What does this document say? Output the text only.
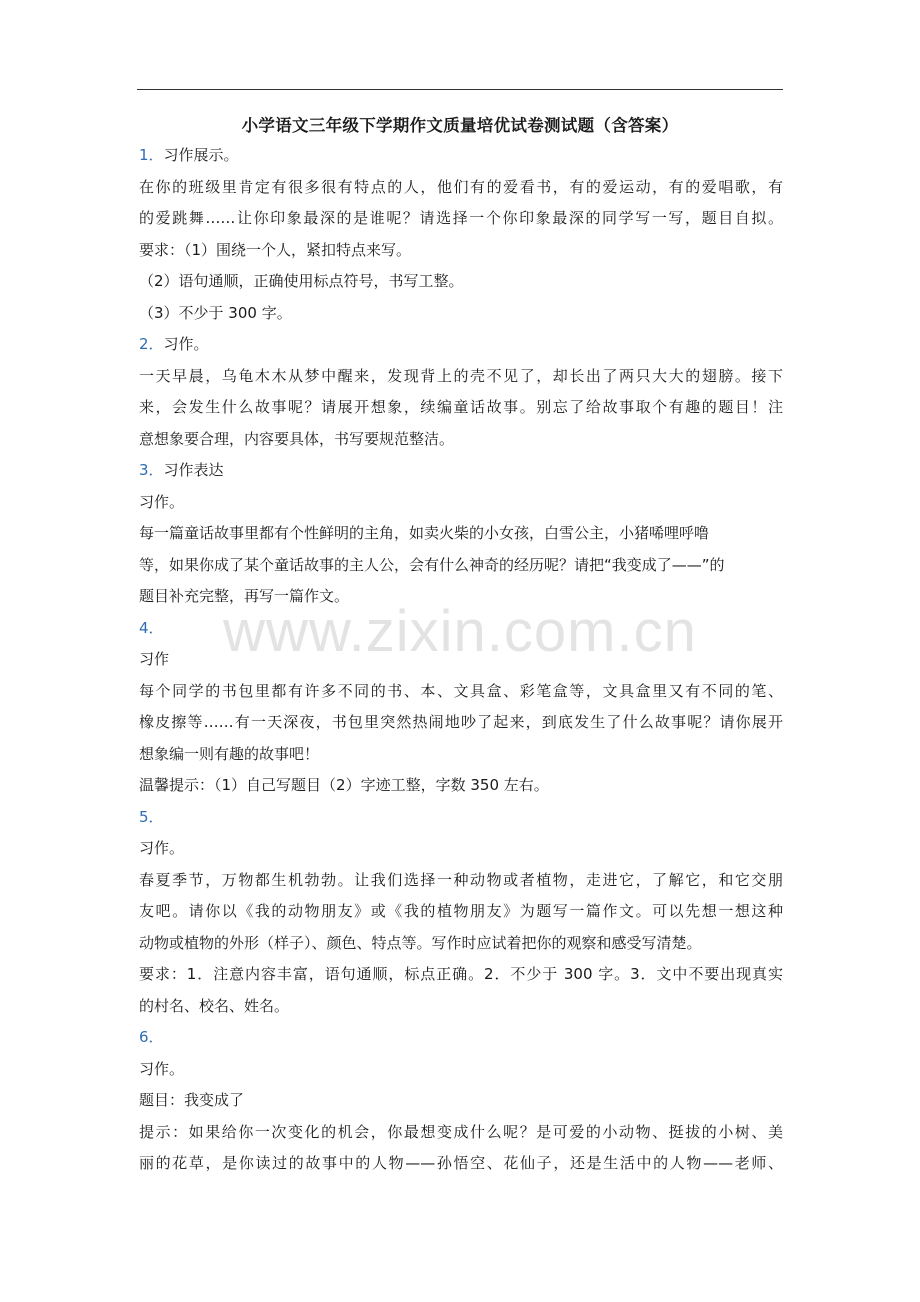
小学语文三年级下学期作文质量培优试卷测试题（含答案）
www.zixin.com.cn
1．习作展示。
在你的班级里肯定有很多很有特点的人，他们有的爱看书，有的爱运动，有的爱唱歌，有
的爱跳舞……让你印象最深的是谁呢？请选择一个你印象最深的同学写一写，题目自拟。
要求：（1）围绕一个人，紧扣特点来写。
（2）语句通顺，正确使用标点符号，书写工整。
（3）不少于 300 字。
2．习作。
一天早晨，乌龟木木从梦中醒来，发现背上的壳不见了，却长出了两只大大的翅膀。接下
来，会发生什么故事呢？请展开想象，续编童话故事。别忘了给故事取个有趣的题目！注
意想象要合理，内容要具体，书写要规范整洁。
3．习作表达
习作。
每一篇童话故事里都有个性鲜明的主角，如卖火柴的小女孩，白雪公主，小猪唏哩呼噜
等，如果你成了某个童话故事的主人公，会有什么神奇的经历呢？请把“我变成了——”的
题目补充完整，再写一篇作文。
4．
习作
每个同学的书包里都有许多不同的书、本、文具盒、彩笔盒等，文具盒里又有不同的笔、
橡皮擦等……有一天深夜，书包里突然热闹地吵了起来，到底发生了什么故事呢？请你展开
想象编一则有趣的故事吧！
温馨提示：（1）自己写题目（2）字迹工整，字数 350 左右。
5．
习作。
春夏季节，万物都生机勃勃。让我们选择一种动物或者植物，走进它，了解它，和它交朋
友吧。请你以《我的动物朋友》或《我的植物朋友》为题写一篇作文。可以先想一想这种
动物或植物的外形（样子）、颜色、特点等。写作时应试着把你的观察和感受写清楚。
要求：1．注意内容丰富，语句通顺，标点正确。2．不少于 300 字。3．文中不要出现真实
的村名、校名、姓名。
6．
习作。
题目：我变成了
提示：如果给你一次变化的机会，你最想变成什么呢？是可爱的小动物、挺拔的小树、美
丽的花草，是你读过的故事中的人物——孙悟空、花仙子，还是生活中的人物——老师、
